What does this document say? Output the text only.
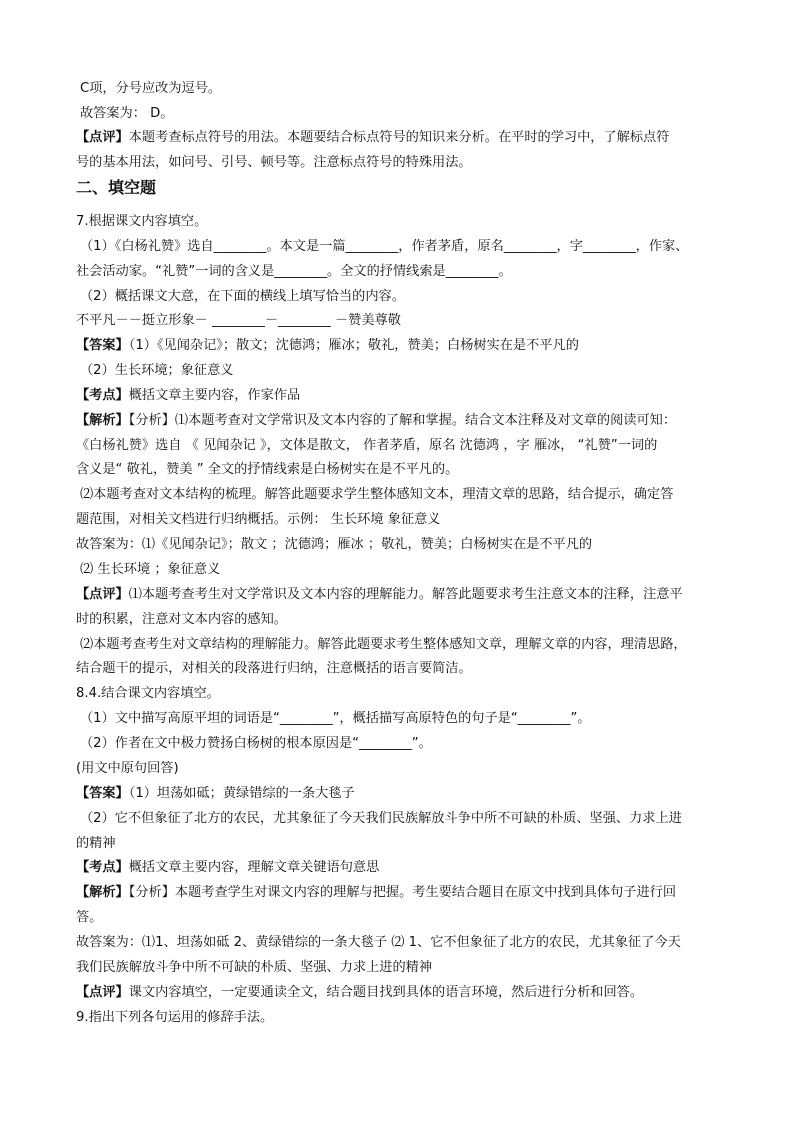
C项，分号应改为逗号。
故答案为： D。
【点评】本题考查标点符号的用法。本题要结合标点符号的知识来分析。在平时的学习中，了解标点符
号的基本用法，如问号、引号、顿号等。注意标点符号的特殊用法。
二、填空题
7.根据课文内容填空。
（1）《白杨礼赞》选自________。本文是一篇________，作者茅盾，原名________，字________，作家、
社会活动家。“礼赞”一词的含义是________。全文的抒情线索是________。
（2）概括课文大意，在下面的横线上填写恰当的内容。
不平凡－－挺立形象－ ________－________ －赞美尊敬
【答案】（1）《见闻杂记》；散文；沈德鸿；雁冰；敬礼，赞美；白杨树实在是不平凡的
（2）生长环境；象征意义
【考点】概括文章主要内容，作家作品
【解析】【分析】⑴本题考查对文学常识及文本内容的了解和掌握。结合文本注释及对文章的阅读可知：
《白杨礼赞》选自 《 见闻杂记 》，文体是散文， 作者茅盾，原名 沈德鸿 ，字 雁冰， “礼赞”一词的
含义是“ 敬礼，赞美 ” 全文的抒情线索是白杨树实在是不平凡的。
⑵本题考查对文本结构的梳理。解答此题要求学生整体感知文本，理清文章的思路，结合提示，确定答
题范围，对相关文档进行归纳概括。示例： 生长环境 象征意义
故答案为：⑴《见闻杂记》；散文 ；沈德鸿；雁冰 ；敬礼，赞美；白杨树实在是不平凡的
⑵ 生长环境 ；象征意义
【点评】⑴本题考查考生对文学常识及文本内容的理解能力。解答此题要求考生注意文本的注释，注意平
时的积累，注意对文本内容的感知。
⑵本题考查考生对文章结构的理解能力。解答此题要求考生整体感知文章，理解文章的内容，理清思路，
结合题干的提示，对相关的段落进行归纳，注意概括的语言要简洁。
8.4.结合课文内容填空。
（1）文中描写高原平坦的词语是“________”，概括描写高原特色的句子是“________”。
（2）作者在文中极力赞扬白杨树的根本原因是“________”。
(用文中原句回答)
【答案】（1）坦荡如砥；黄绿错综的一条大毯子
（2）它不但象征了北方的农民，尤其象征了今天我们民族解放斗争中所不可缺的朴质、坚强、力求上进
的精神
【考点】概括文章主要内容，理解文章关键语句意思
【解析】【分析】本题考查学生对课文内容的理解与把握。考生要结合题目在原文中找到具体句子进行回
答。
故答案为：⑴1、坦荡如砥 2、黄绿错综的一条大毯子 ⑵ 1、它不但象征了北方的农民，尤其象征了今天
我们民族解放斗争中所不可缺的朴质、坚强、力求上进的精神
【点评】课文内容填空，一定要通读全文，结合题目找到具体的语言环境，然后进行分析和回答。
9.指出下列各句运用的修辞手法。
